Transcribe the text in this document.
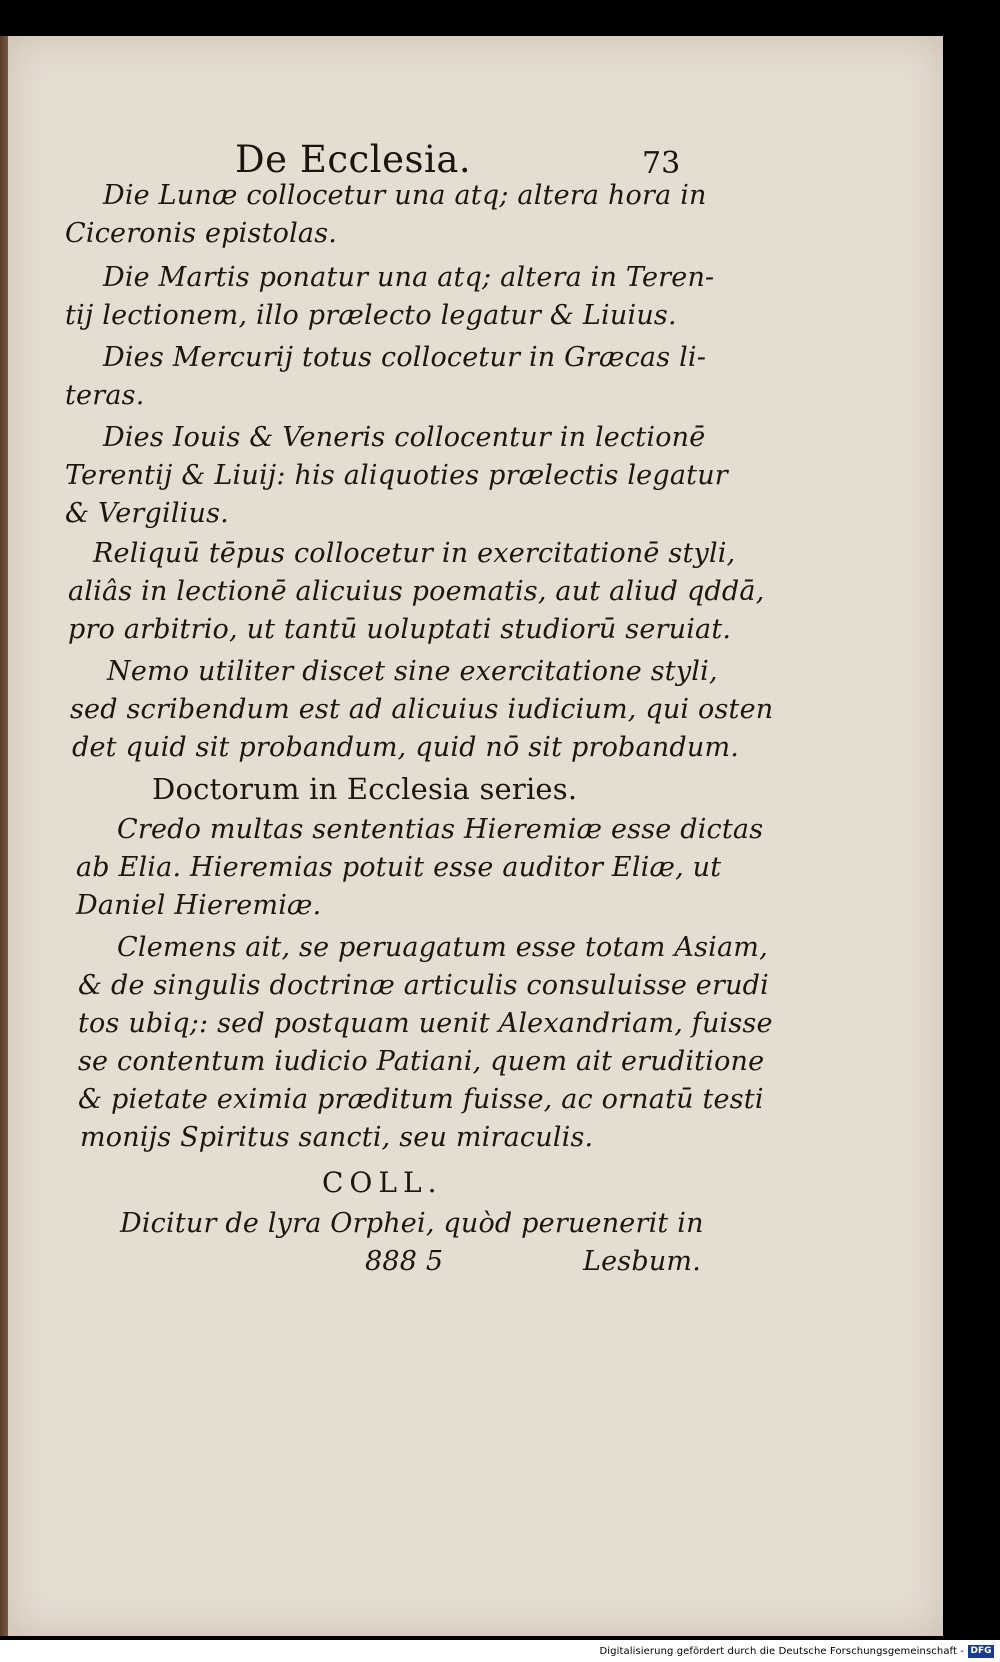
De Ecclesia.	73
Die Lunæ collocetur una atq; altera hora in
Ciceronis epistolas.
Die Martis ponatur una atq; altera in Teren-
tij lectionem, illo prælecto legatur & Liuius.
Dies Mercurij totus collocetur in Græcas li-
teras.
Dies Iouis & Veneris collocentur in lectionē
Terentij & Liuij: his aliquoties prælectis legatur
& Vergilius.
Reliquū tēpus collocetur in exercitationē styli,
aliâs in lectionē alicuius poematis, aut aliud qddā,
pro arbitrio, ut tantū uoluptati studiorū seruiat.
Nemo utiliter discet sine exercitatione styli,
sed scribendum est ad alicuius iudicium, qui osten
det quid sit probandum, quid nō sit probandum.
Doctorum in Ecclesia series.
Credo multas sententias Hieremiæ esse dictas
ab Elia. Hieremias potuit esse auditor Eliæ, ut
Daniel Hieremiæ.
Clemens ait, se peruagatum esse totam Asiam,
& de singulis doctrinæ articulis consuluisse erudi
tos ubiq;: sed postquam uenit Alexandriam, fuisse
se contentum iudicio Patiani, quem ait eruditione
& pietate eximia præditum fuisse, ac ornatū testi
monijs Spiritus sancti, seu miraculis.
COLL.
Dicitur de lyra Orphei, quòd peruenerit in
888 5	Lesbum.
Digitalisierung gefördert durch die Deutsche Forschungsgemeinschaft - DFG
